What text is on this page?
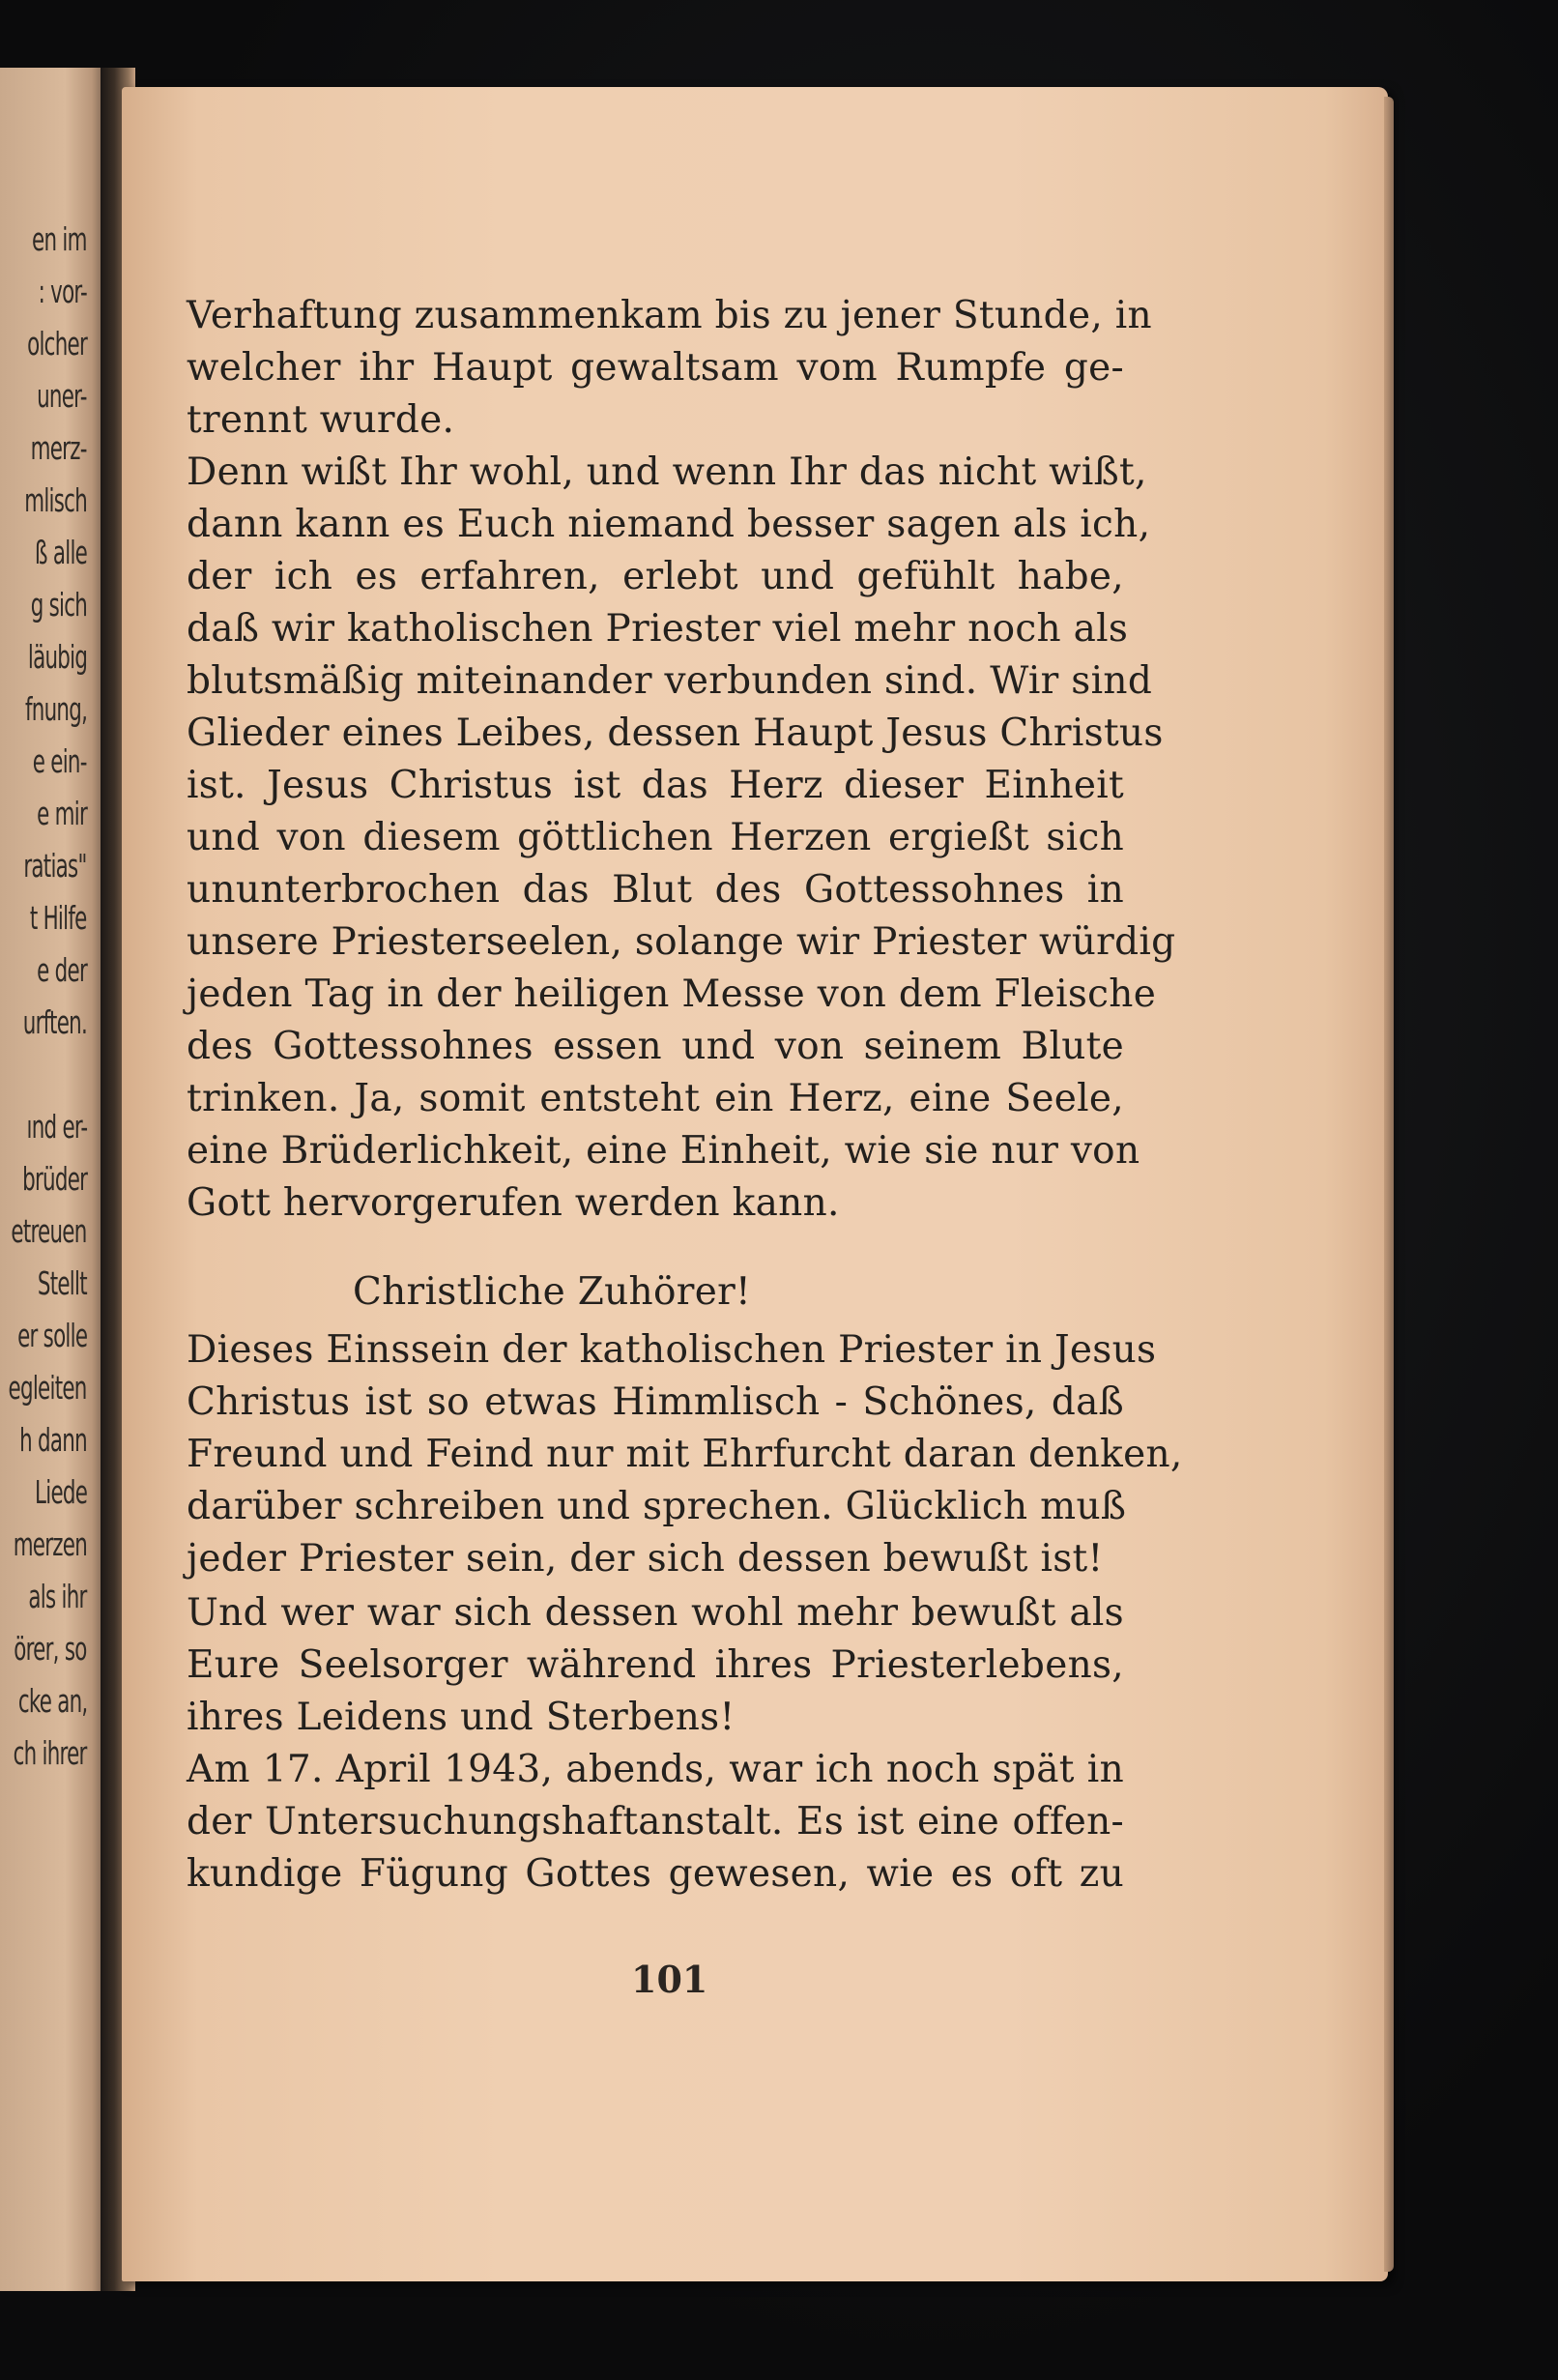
en im
: vor-
olcher
uner-
merz-
mlisch
ß alle
g sich
läubig
fnung,
e ein-
e mir
ratias"
t Hilfe
e der
urften.
ınd er-
brüder
etreuen
Stellt
er solle
egleiten
h dann
Liede
merzen
als ihr
örer, so
cke an,
ch ihrer
Verhaftung zusammenkam bis zu jener Stunde, in
welcher ihr Haupt gewaltsam vom Rumpfe ge-
trennt wurde.
Denn wißt Ihr wohl, und wenn Ihr das nicht wißt,
dann kann es Euch niemand besser sagen als ich,
der ich es erfahren, erlebt und gefühlt habe,
daß wir katholischen Priester viel mehr noch als
blutsmäßig miteinander verbunden sind. Wir sind
Glieder eines Leibes, dessen Haupt Jesus Christus
ist. Jesus Christus ist das Herz dieser Einheit
und von diesem göttlichen Herzen ergießt sich
ununterbrochen das Blut des Gottessohnes in
unsere Priesterseelen, solange wir Priester würdig
jeden Tag in der heiligen Messe von dem Fleische
des Gottessohnes essen und von seinem Blute
trinken. Ja, somit entsteht ein Herz, eine Seele,
eine Brüderlichkeit, eine Einheit, wie sie nur von
Gott hervorgerufen werden kann.
Christliche Zuhörer!
Dieses Einssein der katholischen Priester in Jesus
Christus ist so etwas Himmlisch - Schönes, daß
Freund und Feind nur mit Ehrfurcht daran denken,
darüber schreiben und sprechen. Glücklich muß
jeder Priester sein, der sich dessen bewußt ist!
Und wer war sich dessen wohl mehr bewußt als
Eure Seelsorger während ihres Priesterlebens,
ihres Leidens und Sterbens!
Am 17. April 1943, abends, war ich noch spät in
der Untersuchungshaftanstalt. Es ist eine offen-
kundige Fügung Gottes gewesen, wie es oft zu
101
